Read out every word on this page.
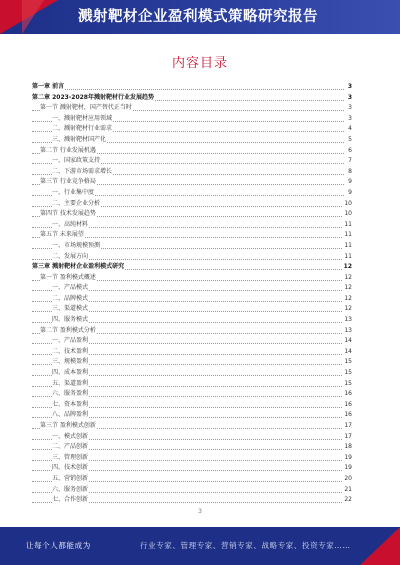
溅射靶材企业盈利模式策略研究报告
内容目录
第一章 前言	3
第二章 2023-2028年溅射靶材行业发展趋势	3
第一节 溅射靶材，国产替代正当时	3
一、溅射靶材应用领域	3
二、溅射靶材行业需求	4
三、溅射靶材国产化	5
第二节 行业发展机遇	6
一、国家政策支持	7
二、下游市场需求增长	8
第三节 行业竞争格局	9
一、行业集中度	9
二、主要企业分析	10
第四节 技术发展趋势	10
一、高纯材料	11
第五节 未来展望	11
一、市场规模预测	11
二、发展方向	11
第三章 溅射靶材企业盈利模式研究	12
第一节 盈利模式概述	12
一、产品模式	12
二、品牌模式	12
三、渠道模式	12
四、服务模式	13
第二节 盈利模式分析	13
一、产品盈利	14
二、技术盈利	14
三、规模盈利	15
四、成本盈利	15
五、渠道盈利	15
六、服务盈利	16
七、资本盈利	16
八、品牌盈利	16
第三节 盈利模式创新	17
一、模式创新	17
二、产品创新	18
三、管理创新	19
四、技术创新	19
五、营销创新	20
六、服务创新	21
七、合作创新	22
3
让每个人都能成为	行业专家、管理专家、营销专家、战略专家、投资专家……
